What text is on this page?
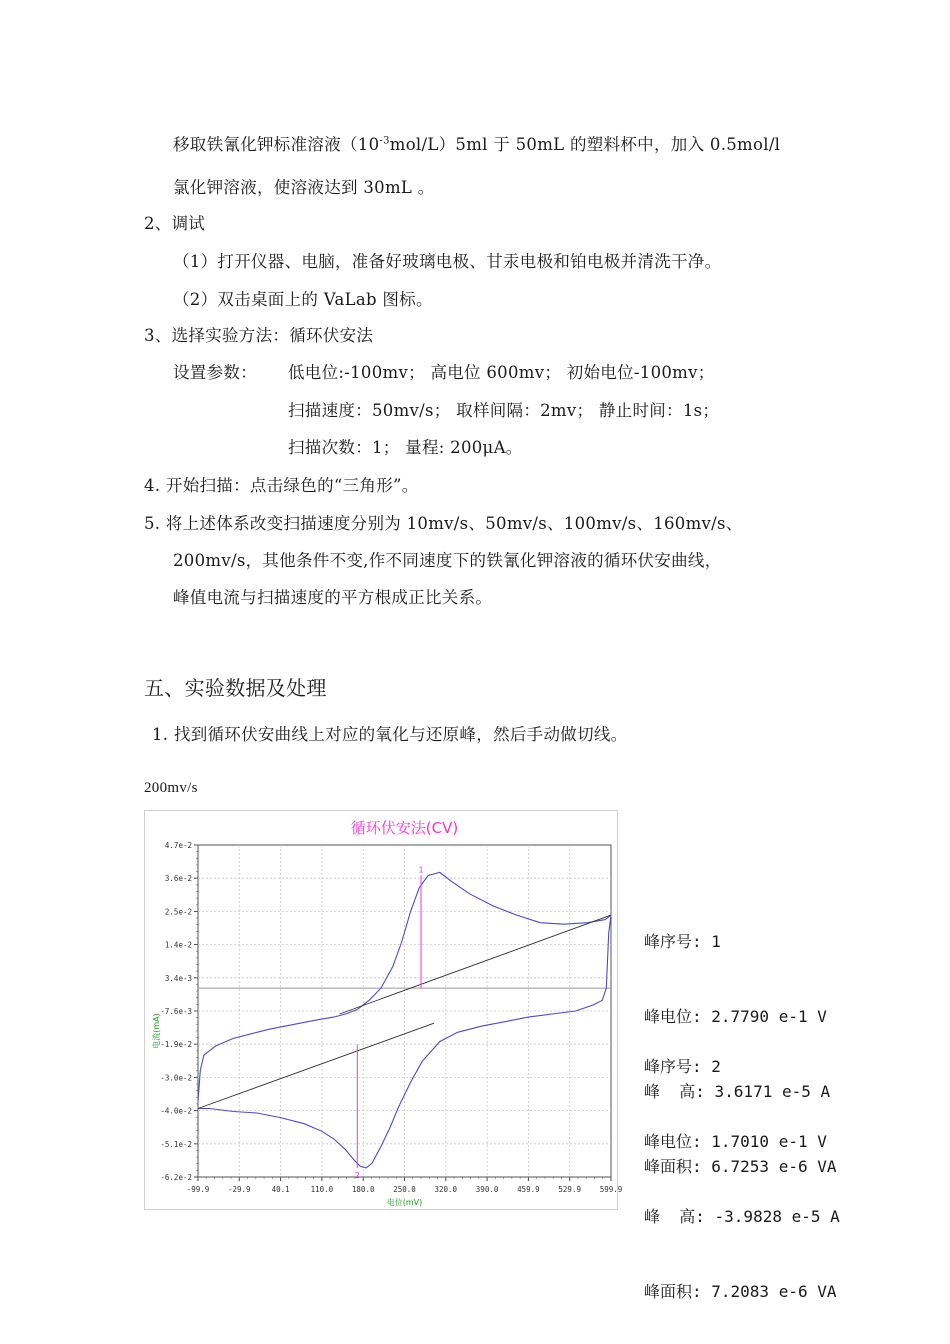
移取铁氰化钾标准溶液$(10^{-3}mol/L)5ml$ 于 50mL 的塑料杯中，加入 0.5mol/l
氯化钾溶液，使溶液达到 30mL 。
2、调试
（1）打开仪器、电脑，准备好玻璃电极、甘汞电极和铂电极并清洗干净。
（2）双击桌面上的 VaLab 图标。
3、选择实验方法：循环伏安法
设置参数： 低电位:-100mv； 高电位 600mv； 初始电位-100mv；
扫描速度：50mv/s； 取样间隔：2mv； 静止时间：1s；
扫描次数：1； 量程: 200μA。
4. 开始扫描：点击绿色的“三角形”。
5. 将上述体系改变扫描速度分别为 10mv/s、50mv/s、100mv/s、160mv/s、
200mv/s，其他条件不变,作不同速度下的铁氰化钾溶液的循环伏安曲线，
峰值电流与扫描速度的平方根成正比关系。
五、实验数据及处理
1. 找到循环伏安曲线上对应的氧化与还原峰，然后手动做切线。
200mv/s
循环伏安法(CV)
-99.9 -29.9	40.1	110.0 180.0 250.0 320.0 390.0 459.9 529.9 599.9
4.7e-2
3.6e-2
2.5e-2
1.4e-2
3.4e-3
-7.6e-3
-1.9e-2
-3.0e-2
-4.0e-2
-5.1e-2
-6.2e-2
电位(mV)
电流(mA)
1
2

峰序号: 1

峰电位: 2.7790 e-1 V

峰  高: 3.6171 e-5 A

峰面积: 6.7253 e-6 VA

峰序号: 2

峰电位: 1.7010 e-1 V

峰  高: -3.9828 e-5 A

峰面积: 7.2083 e-6 VA
